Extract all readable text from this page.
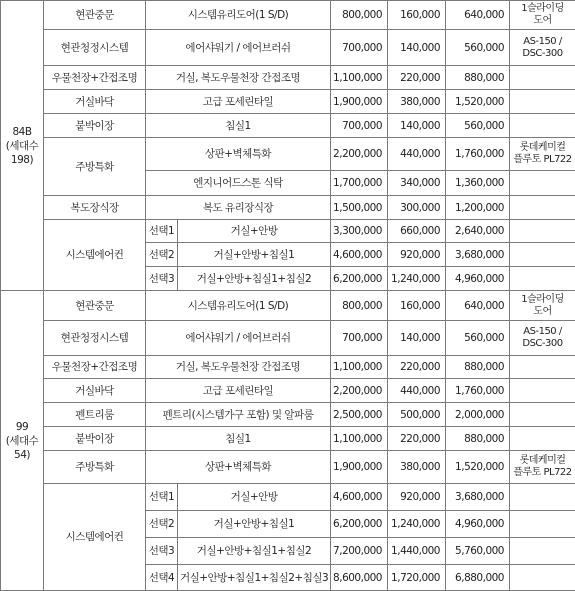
84B
(세대수
198)	현관중문	시스템유리도어(1 S/D)		800,000	160,000	640,000	1슬라이딩
도어
	현관청정시스템	에어샤워기 / 에어브러쉬		700,000	140,000	560,000	AS-150 /
DSC-300
	우물천장+간접조명	거실, 복도우물천장 간접조명		1,100,000	220,000	880,000	
	거실바닥	고급 포세린타일		1,900,000	380,000	1,520,000	
	붙박이장	침실1		700,000	140,000	560,000	
	주방특화	상판+벽체특화		2,200,000	440,000	1,760,000	롯데케미컬
플루토 PL722
		엔지니어드스톤 식탁		1,700,000	340,000	1,360,000	
	복도장식장	복도 유리장식장		1,500,000	300,000	1,200,000	
	시스템에어컨	선택1	거실+안방	3,300,000	660,000	2,640,000	
		선택2	거실+안방+침실1	4,600,000	920,000	3,680,000	
		선택3	거실+안방+침실1+침실2	6,200,000	1,240,000	4,960,000	
99
(세대수
54)	현관중문	시스템유리도어(1 S/D)		800,000	160,000	640,000	1슬라이딩
도어
	현관청정시스템	에어샤워기 / 에어브러쉬		700,000	140,000	560,000	AS-150 /
DSC-300
	우물천장+간접조명	거실, 복도우물천장 간접조명		1,100,000	220,000	880,000	
	거실바닥	고급 포세린타일		2,200,000	440,000	1,760,000	
	펜트리룸	펜트리(시스템가구 포함) 및 알파룸		2,500,000	500,000	2,000,000	
	붙박이장	침실1		1,100,000	220,000	880,000	
	주방특화	상판+벽체특화		1,900,000	380,000	1,520,000	롯데케미컬
플루토 PL722
	시스템에어컨	선택1	거실+안방	4,600,000	920,000	3,680,000	
		선택2	거실+안방+침실1	6,200,000	1,240,000	4,960,000	
		선택3	거실+안방+침실1+침실2	7,200,000	1,440,000	5,760,000	
		선택4	거실+안방+침실1+침실2+침실3	8,600,000	1,720,000	6,880,000	
